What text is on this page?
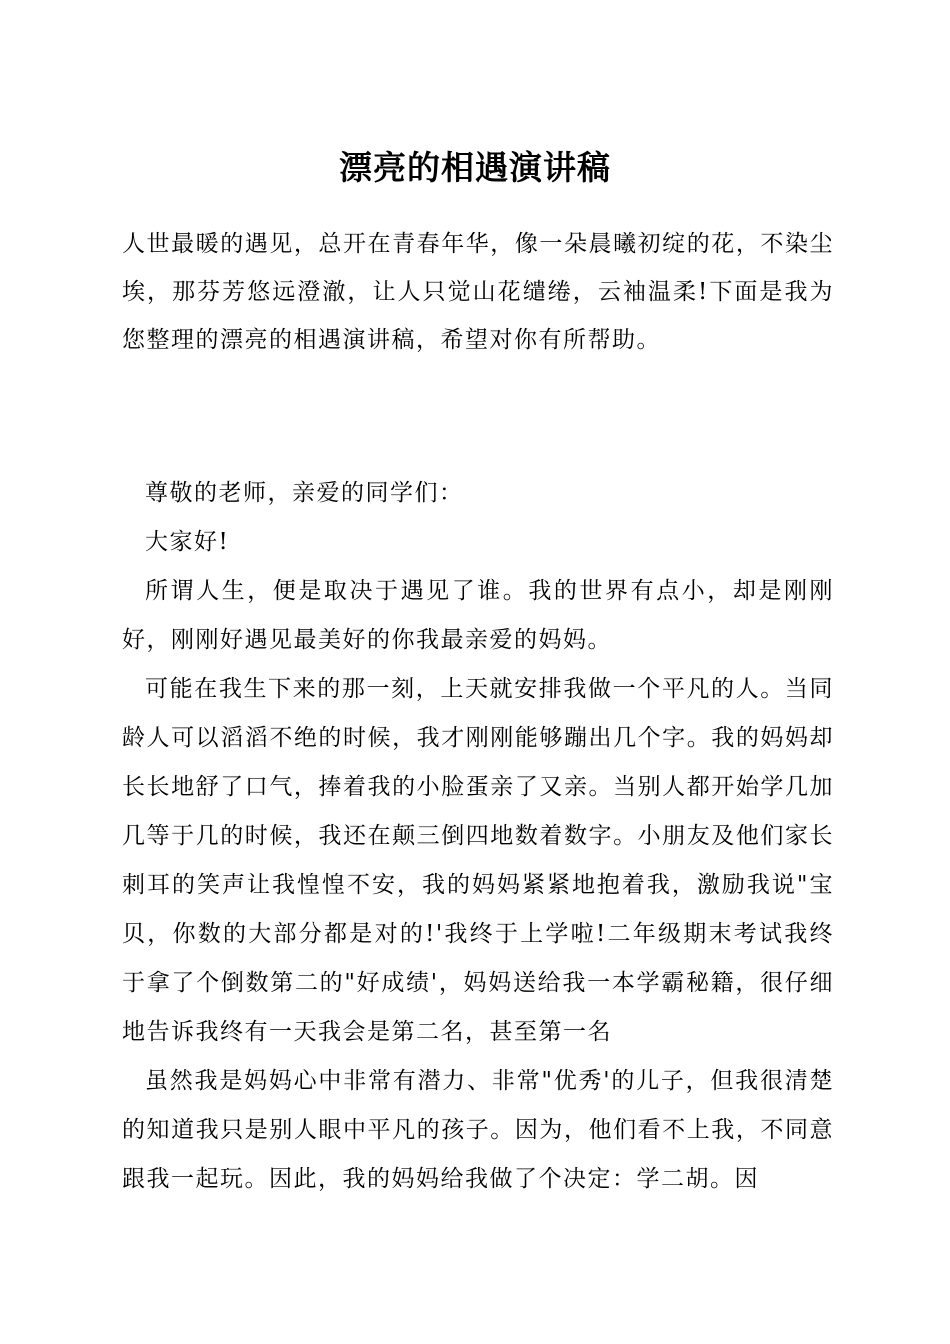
漂亮的相遇演讲稿

人世最暖的遇见，总开在青春年华，像一朵晨曦初绽的花，不染尘埃，那芬芳悠远澄澈，让人只觉山花缱绻，云袖温柔!下面是我为您整理的漂亮的相遇演讲稿，希望对你有所帮助。

尊敬的老师，亲爱的同学们：

大家好!

所谓人生，便是取决于遇见了谁。我的世界有点小，却是刚刚好，刚刚好遇见最美好的你我最亲爱的妈妈。

可能在我生下来的那一刻，上天就安排我做一个平凡的人。当同龄人可以滔滔不绝的时候，我才刚刚能够蹦出几个字。我的妈妈却长长地舒了口气，捧着我的小脸蛋亲了又亲。当别人都开始学几加几等于几的时候，我还在颠三倒四地数着数字。小朋友及他们家长刺耳的笑声让我惶惶不安，我的妈妈紧紧地抱着我，激励我说"宝贝，你数的大部分都是对的!'我终于上学啦!二年级期末考试我终于拿了个倒数第二的"好成绩'，妈妈送给我一本学霸秘籍，很仔细地告诉我终有一天我会是第二名，甚至第一名

虽然我是妈妈心中非常有潜力、非常"优秀'的儿子，但我很清楚的知道我只是别人眼中平凡的孩子。因为，他们看不上我，不同意跟我一起玩。因此，我的妈妈给我做了个决定：学二胡。因
